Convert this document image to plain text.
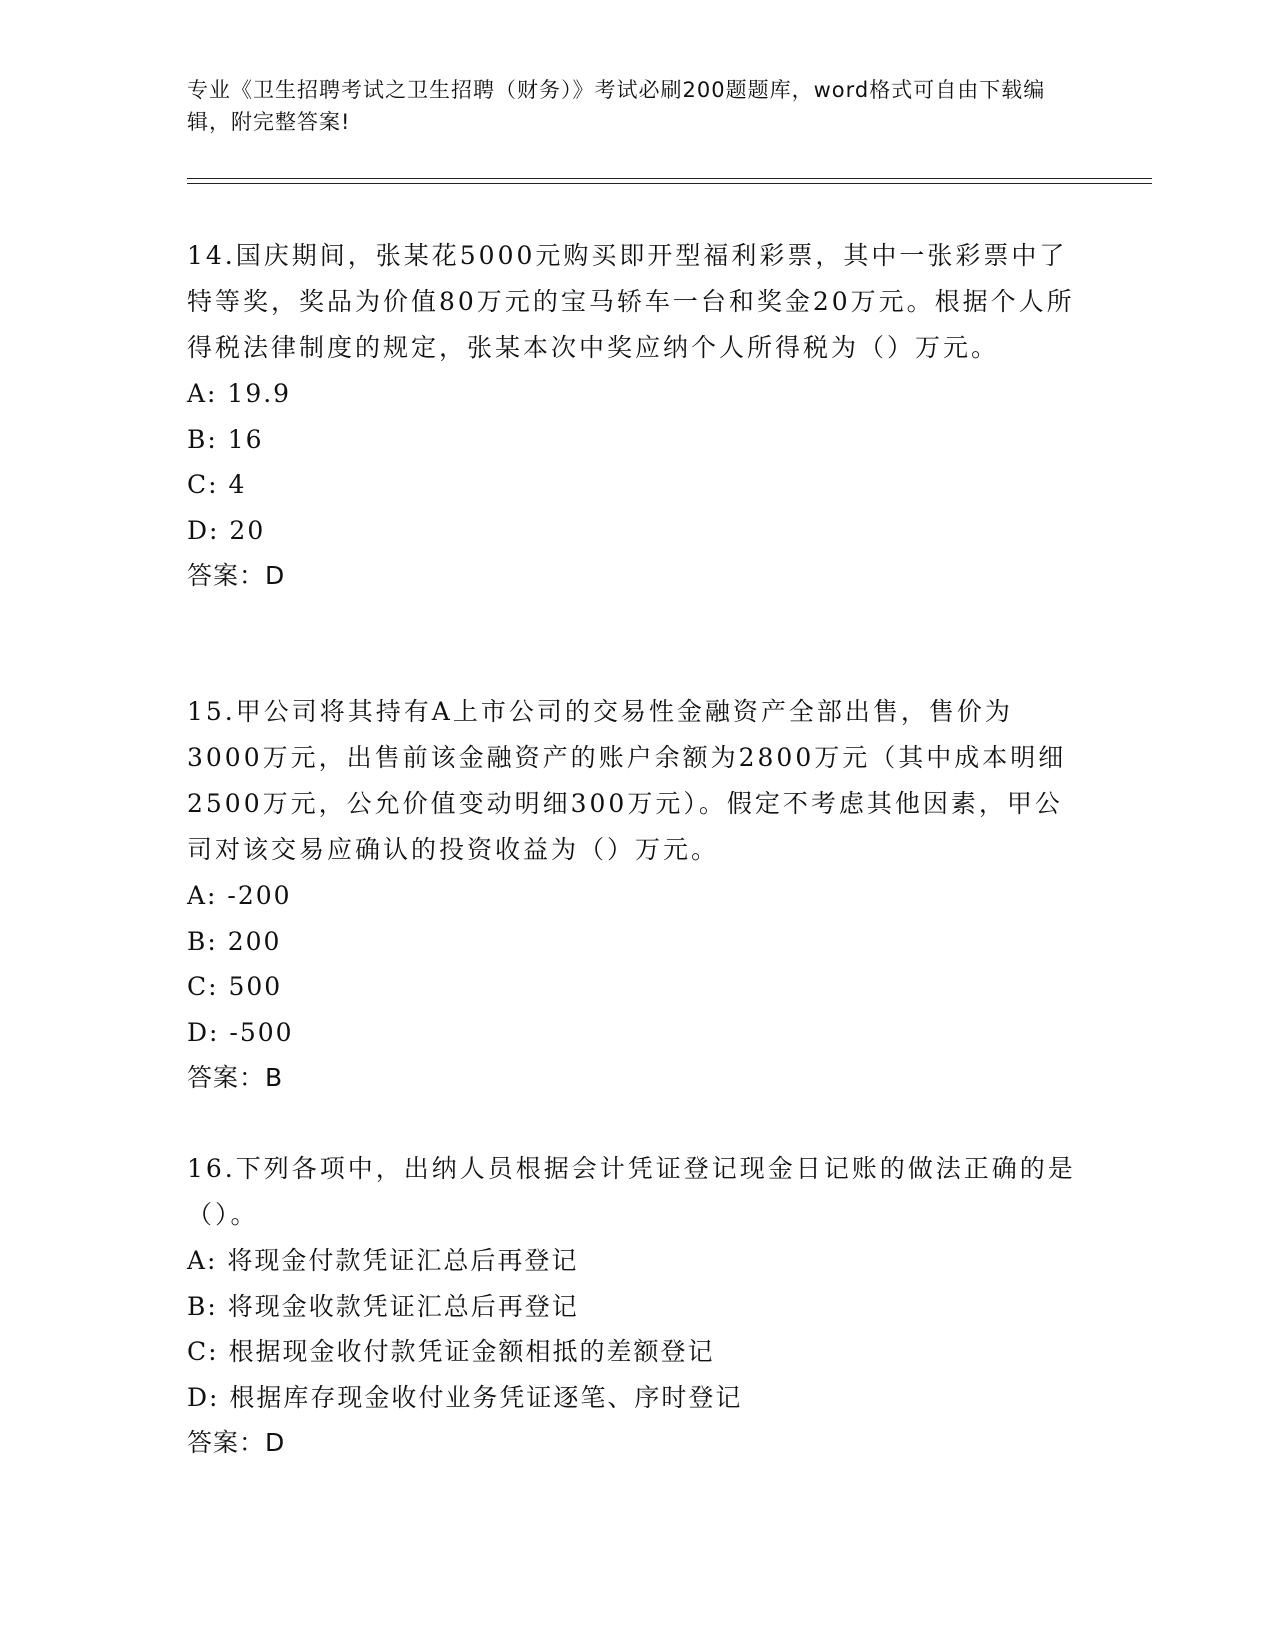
专业《卫生招聘考试之卫生招聘（财务）》考试必刷200题题库，word格式可自由下载编辑，附完整答案!

14.国庆期间，张某花5000元购买即开型福利彩票，其中一张彩票中了特等奖，奖品为价值80万元的宝马轿车一台和奖金20万元。根据个人所得税法律制度的规定，张某本次中奖应纳个人所得税为（）万元。

A: 19.9

B: 16

C: 4

D: 20

答案：D

15.甲公司将其持有A上市公司的交易性金融资产全部出售，售价为3000万元，出售前该金融资产的账户余额为2800万元（其中成本明细2500万元，公允价值变动明细300万元）。假定不考虑其他因素，甲公司对该交易应确认的投资收益为（）万元。

A: -200

B: 200

C: 500

D: -500

答案：B

16.下列各项中，出纳人员根据会计凭证登记现金日记账的做法正确的是（）。

A: 将现金付款凭证汇总后再登记

B: 将现金收款凭证汇总后再登记

C: 根据现金收付款凭证金额相抵的差额登记

D: 根据库存现金收付业务凭证逐笔、序时登记

答案：D
